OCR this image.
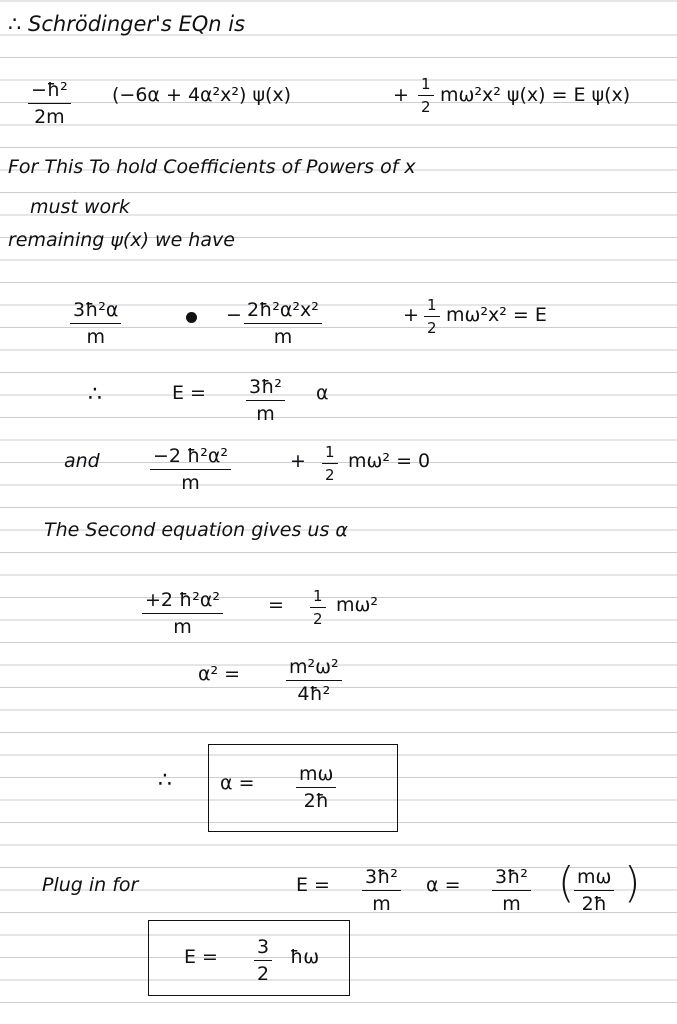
∴ Schrödinger's EQn is
$\frac{\text{−ħ²}}{2m} (-6\alpha + 4\alpha^2x^2)$ ψ(x)	+ $\frac{1}{2} m\omega^2x^2$ ψ(x) = E ψ(x)
For This To hold Coefficients of Powers of x
must work
remaining ψ(x) we have
$\frac{\text{3ħ²α}}{m}$	− $\frac{\text{2ħ²α²x²}}{m}$	+ $\frac{1}{2} m\omega^2x^2 = E$
∴	$E = \frac{\text{3ħ²}}{m}$ α
and	$\frac{\text{−2 ħ²α²}}{m}$	+ $\frac{1}{2} m\omega^2 = 0$
The Second equation gives us α
$\frac{\text{+2 ħ²α²}}{m} = \frac{1}{2} m\omega^2$
$\alpha^2 = \frac{\text{m²ω²}}{\text{4ħ²}}$
∴	$\alpha = \frac{m\omega}{2ħ}$
Plug in for	$E = \frac{\text{3ħ²}}{m}$ $\alpha = \frac{\text{3ħ²}}{m}$ ( $\frac{m\omega}{2ħ}$ )
$E = \frac{3}{2}$ ħω
